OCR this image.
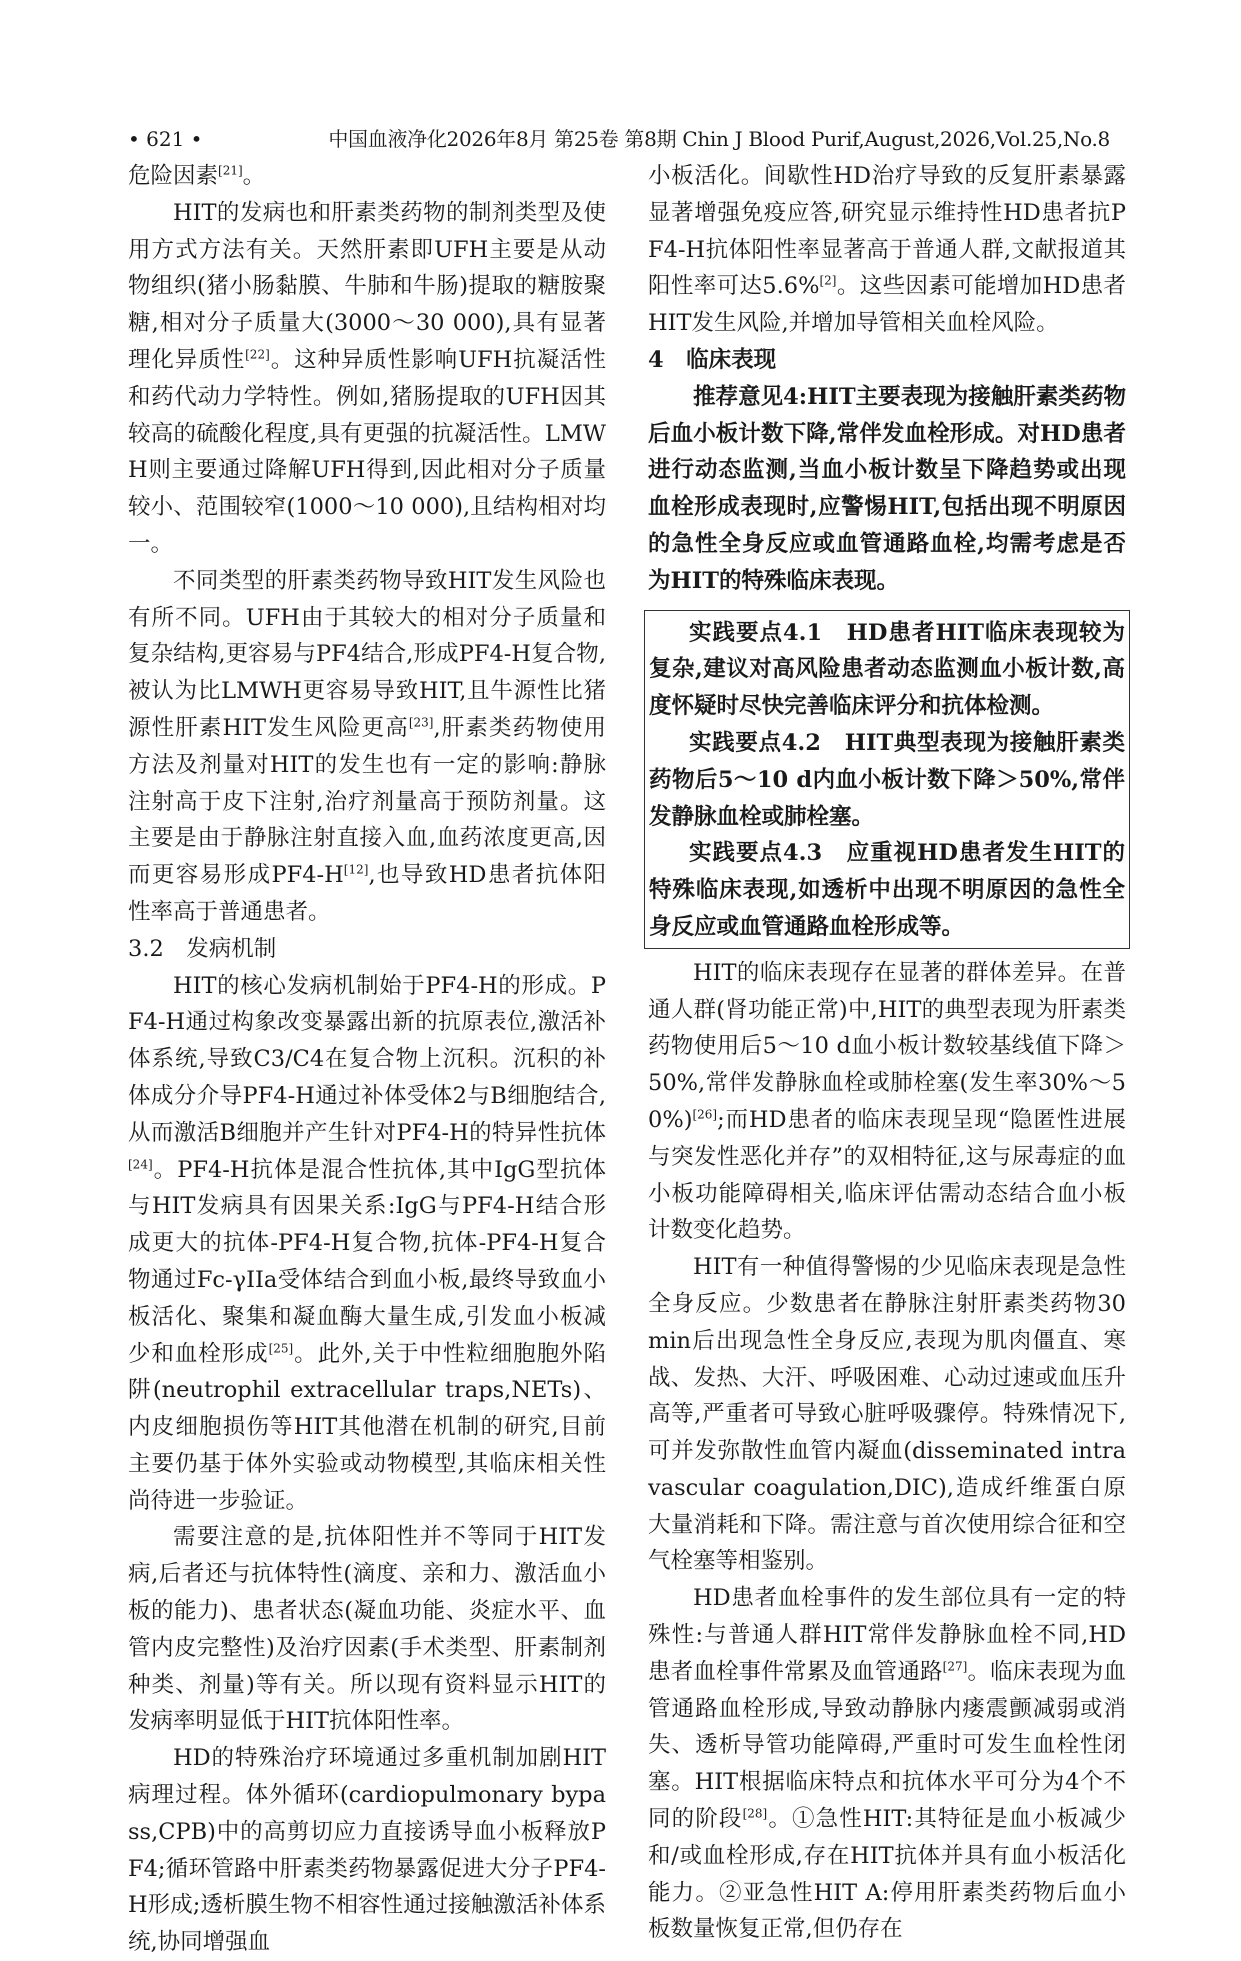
• 621 •	中国血液净化2026年8月 第25卷 第8期 Chin J Blood Purif,August,2026,Vol.25,No.8

危险因素[21]。

HIT的发病也和肝素类药物的制剂类型及使用方式方法有关。天然肝素即UFH主要是从动物组织(猪小肠黏膜、牛肺和牛肠)提取的糖胺聚糖,相对分子质量大(3000～30 000),具有显著理化异质性[22]。这种异质性影响UFH抗凝活性和药代动力学特性。例如,猪肠提取的UFH因其较高的硫酸化程度,具有更强的抗凝活性。LMWH则主要通过降解UFH得到,因此相对分子质量较小、范围较窄(1000～10 000),且结构相对均一。

不同类型的肝素类药物导致HIT发生风险也有所不同。UFH由于其较大的相对分子质量和复杂结构,更容易与PF4结合,形成PF4-H复合物,被认为比LMWH更容易导致HIT,且牛源性比猪源性肝素HIT发生风险更高[23],肝素类药物使用方法及剂量对HIT的发生也有一定的影响:静脉注射高于皮下注射,治疗剂量高于预防剂量。这主要是由于静脉注射直接入血,血药浓度更高,因而更容易形成PF4-H[12],也导致HD患者抗体阳性率高于普通患者。

3.2　发病机制

HIT的核心发病机制始于PF4-H的形成。PF4-H通过构象改变暴露出新的抗原表位,激活补体系统,导致C3/C4在复合物上沉积。沉积的补体成分介导PF4-H通过补体受体2与B细胞结合,从而激活B细胞并产生针对PF4-H的特异性抗体[24]。PF4-H抗体是混合性抗体,其中IgG型抗体与HIT发病具有因果关系:IgG与PF4-H结合形成更大的抗体-PF4-H复合物,抗体-PF4-H复合物通过Fc-γIIa受体结合到血小板,最终导致血小板活化、聚集和凝血酶大量生成,引发血小板减少和血栓形成[25]。此外,关于中性粒细胞胞外陷阱(neutrophil extracellular traps,NETs)、内皮细胞损伤等HIT其他潜在机制的研究,目前主要仍基于体外实验或动物模型,其临床相关性尚待进一步验证。

需要注意的是,抗体阳性并不等同于HIT发病,后者还与抗体特性(滴度、亲和力、激活血小板的能力)、患者状态(凝血功能、炎症水平、血管内皮完整性)及治疗因素(手术类型、肝素制剂种类、剂量)等有关。所以现有资料显示HIT的发病率明显低于HIT抗体阳性率。

HD的特殊治疗环境通过多重机制加剧HIT病理过程。体外循环(cardiopulmonary bypass,CPB)中的高剪切应力直接诱导血小板释放PF4;循环管路中肝素类药物暴露促进大分子PF4-H形成;透析膜生物不相容性通过接触激活补体系统,协同增强血

小板活化。间歇性HD治疗导致的反复肝素暴露显著增强免疫应答,研究显示维持性HD患者抗PF4-H抗体阳性率显著高于普通人群,文献报道其阳性率可达5.6%[2]。这些因素可能增加HD患者HIT发生风险,并增加导管相关血栓风险。

4　临床表现

推荐意见4:HIT主要表现为接触肝素类药物后血小板计数下降,常伴发血栓形成。对HD患者进行动态监测,当血小板计数呈下降趋势或出现血栓形成表现时,应警惕HIT,包括出现不明原因的急性全身反应或血管通路血栓,均需考虑是否为HIT的特殊临床表现。

实践要点4.1　HD患者HIT临床表现较为复杂,建议对高风险患者动态监测血小板计数,高度怀疑时尽快完善临床评分和抗体检测。

实践要点4.2　HIT典型表现为接触肝素类药物后5～10 d内血小板计数下降＞50%,常伴发静脉血栓或肺栓塞。

实践要点4.3　应重视HD患者发生HIT的特殊临床表现,如透析中出现不明原因的急性全身反应或血管通路血栓形成等。

HIT的临床表现存在显著的群体差异。在普通人群(肾功能正常)中,HIT的典型表现为肝素类药物使用后5～10 d血小板计数较基线值下降＞50%,常伴发静脉血栓或肺栓塞(发生率30%～50%)[26];而HD患者的临床表现呈现“隐匿性进展与突发性恶化并存”的双相特征,这与尿毒症的血小板功能障碍相关,临床评估需动态结合血小板计数变化趋势。

HIT有一种值得警惕的少见临床表现是急性全身反应。少数患者在静脉注射肝素类药物30 min后出现急性全身反应,表现为肌肉僵直、寒战、发热、大汗、呼吸困难、心动过速或血压升高等,严重者可导致心脏呼吸骤停。特殊情况下,可并发弥散性血管内凝血(disseminated intravascular coagulation,DIC),造成纤维蛋白原大量消耗和下降。需注意与首次使用综合征和空气栓塞等相鉴别。

HD患者血栓事件的发生部位具有一定的特殊性:与普通人群HIT常伴发静脉血栓不同,HD患者血栓事件常累及血管通路[27]。临床表现为血管通路血栓形成,导致动静脉内瘘震颤减弱或消失、透析导管功能障碍,严重时可发生血栓性闭塞。HIT根据临床特点和抗体水平可分为4个不同的阶段[28]。①急性HIT:其特征是血小板减少和/或血栓形成,存在HIT抗体并具有血小板活化能力。②亚急性HIT A:停用肝素类药物后血小板数量恢复正常,但仍存在
